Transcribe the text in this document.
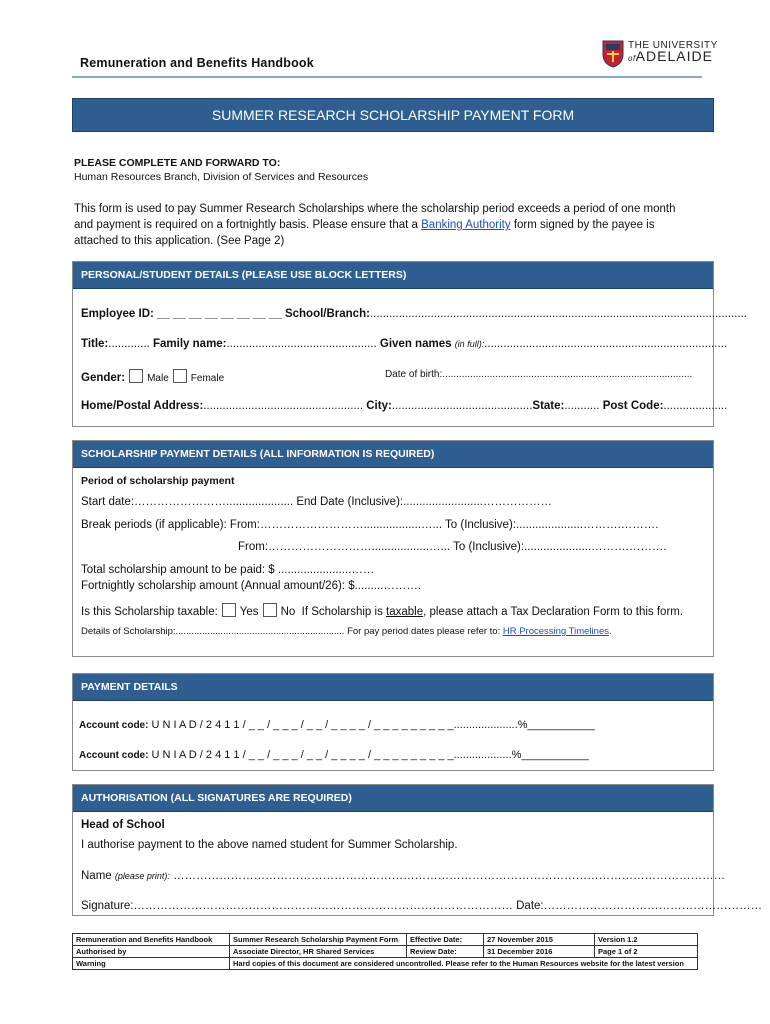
Remuneration and Benefits Handbook
THE UNIVERSITY
ofADELAIDE
SUMMER RESEARCH SCHOLARSHIP PAYMENT FORM
PLEASE COMPLETE AND FORWARD TO:
Human Resources Branch, Division of Services and Resources
This form is used to pay Summer Research Scholarships where the scholarship period exceeds a period of one month
and payment is required on a fortnightly basis. Please ensure that a Banking Authority form signed by the payee is
attached to this application. (See Page 2)
PERSONAL/STUDENT DETAILS (PLEASE USE BLOCK LETTERS)
Employee ID: __ __ __ __ __ __ __ __ School/Branch:......................................................................................................................
Title:............. Family name:............................................... Given names (in full):............................................................................
Gender: Male Female	Date of birth:..........................................................................................
Home/Postal Address:.................................................. City:............................................State:........... Post Code:....................
SCHOLARSHIP PAYMENT DETAILS (ALL INFORMATION IS REQUIRED)
Period of scholarship payment
Start date:……………………..................... End Date (Inclusive):.........................………………
Break periods (if applicable): From:………………………..................…... To (Inclusive):.....................……….……….
From:………………………..................…... To (Inclusive):.....................……….……….
Total scholarship amount to be paid: $ .......................……
Fortnightly scholarship amount (Annual amount/26): $.........……….
Is this Scholarship taxable: Yes No If Scholarship is taxable, please attach a Tax Declaration Form to this form.
Details of Scholarship:................................................................ For pay period dates please refer to: HR Processing Timelines.
PAYMENT DETAILS
Account code: U N I A D / 2 4 1 1 / _ _ / _ _ _ / _ _ / _ _ _ _ / _ _ _ _ _ _ _ _ _.....................%___________
Account code: U N I A D / 2 4 1 1 / _ _ / _ _ _ / _ _ / _ _ _ _ / _ _ _ _ _ _ _ _ _...................%___________
AUTHORISATION (ALL SIGNATURES ARE REQUIRED)
Head of School
I authorise payment to the above named student for Summer Scholarship.
Name (please print): ………………………………………………………………………………………………………………………………
Signature:……………………………………………………………………………………… Date:…………………………………………………
Remuneration and Benefits Handbook	Summer Research Scholarship Payment Form	Effective Date:	27 November 2015	Version 1.2
Authorised by	Associate Director, HR Shared Services	Review Date:	31 December 2016	Page 1 of 2
Warning	Hard copies of this document are considered uncontrolled. Please refer to the Human Resources website for the latest version			
